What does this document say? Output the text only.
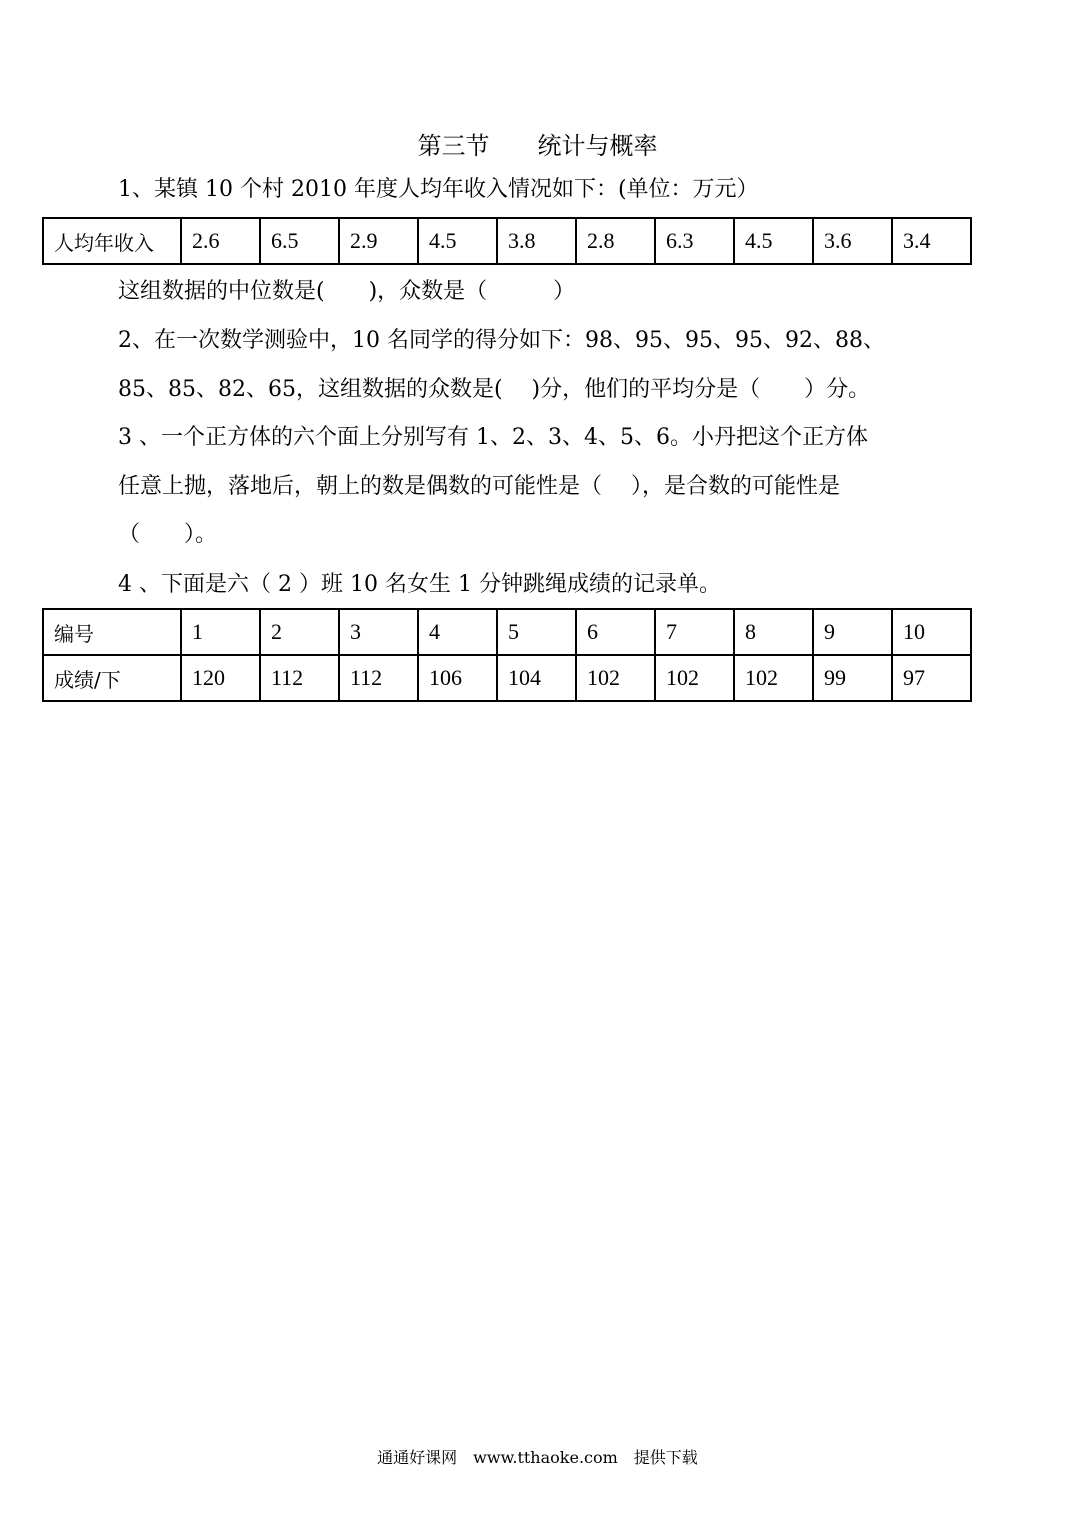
第三节　　统计与概率
1、某镇 10 个村 2010 年度人均年收入情况如下：(单位：万元）
人均年收入	2.6	6.5	2.9	4.5	3.8	2.8	6.3	4.5	3.6	3.4
这组数据的中位数是(　　)，众数是（　　　）
2、在一次数学测验中，10 名同学的得分如下：98、95、95、95、92、88、
85、85、82、65，这组数据的众数是(　 )分，他们的平均分是（　　）分。
3 、一个正方体的六个面上分别写有 1、2、3、4、5、6。小丹把这个正方体
任意上抛，落地后，朝上的数是偶数的可能性是（　 ），是合数的可能性是
（　　）。
4 、下面是六（ 2 ）班 10 名女生 1 分钟跳绳成绩的记录单。
编号	1	2	3	4	5	6	7	8	9	10
成绩/下	120	112	112	106	104	102	102	102	99	97
通通好课网　www.tthaoke.com　提供下载
